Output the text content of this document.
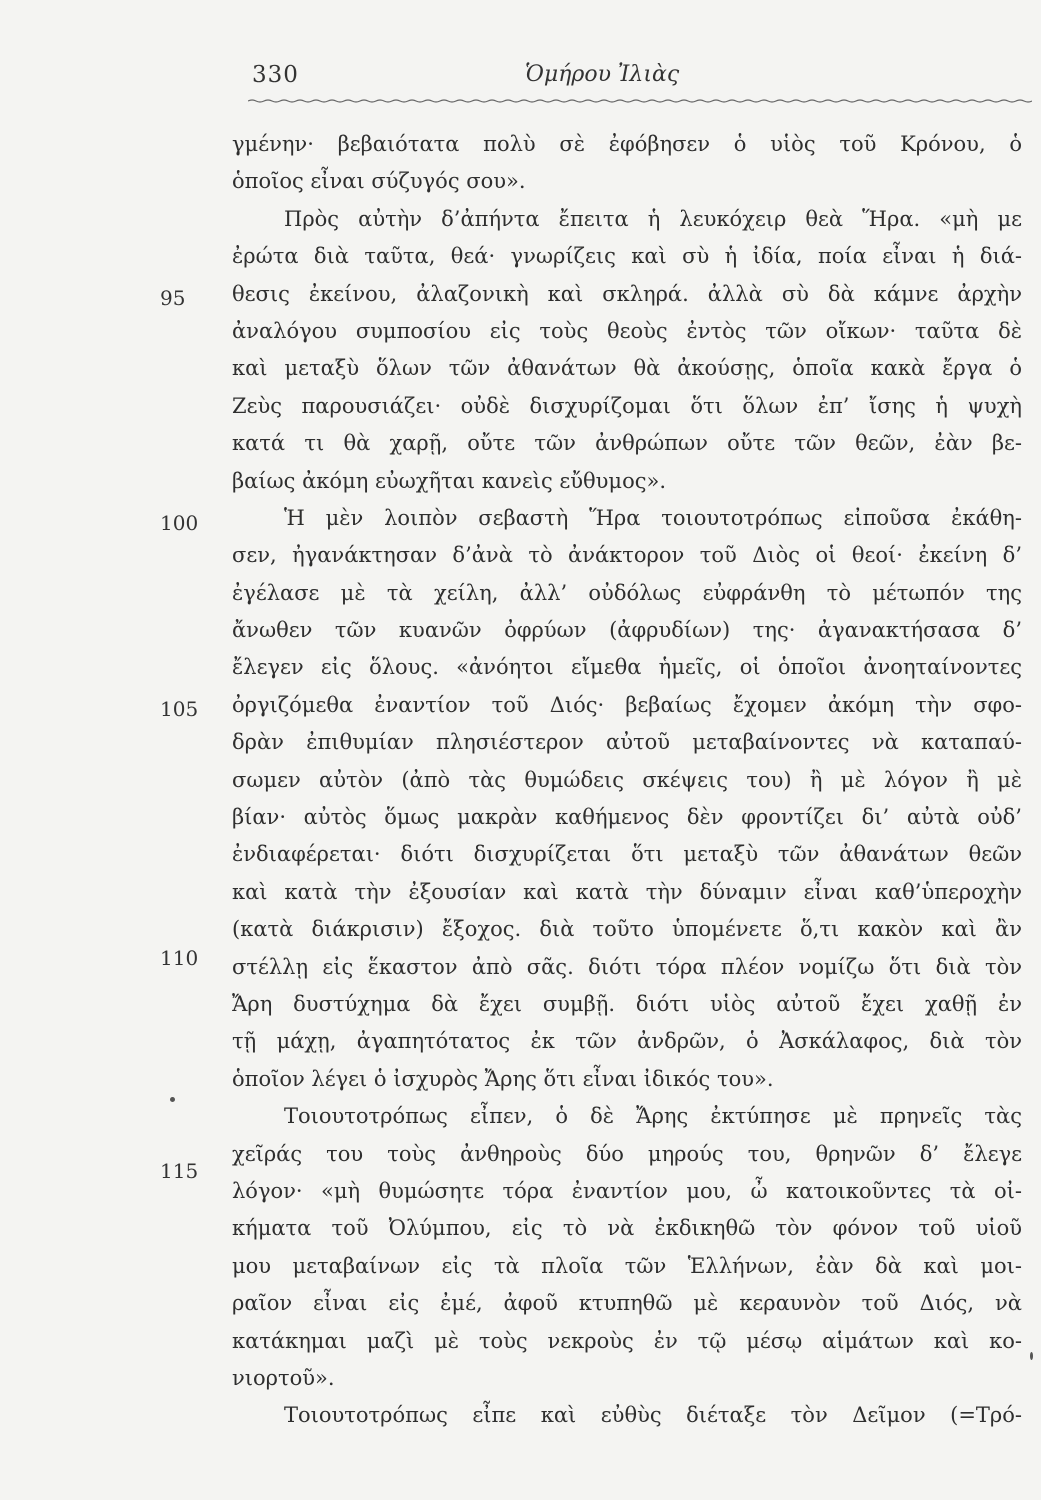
330	Ὁμήρου Ἰλιὰς
γμένην· βεβαιότατα πολὺ σὲ ἐφόβησεν ὁ υἱὸς τοῦ Κρόνου, ὁ
ὁποῖος εἶναι σύζυγός σου».
Πρὸς αὐτὴν δ’ἀπήντα ἔπειτα ἡ λευκόχειρ θεὰ Ἥρα. «μὴ με
ἐρώτα διὰ ταῦτα, θεά· γνωρίζεις καὶ σὺ ἡ ἰδία, ποία εἶναι ἡ διά-
θεσις ἐκείνου, ἀλαζονικὴ καὶ σκληρά. ἀλλὰ σὺ δὰ κάμνε ἀρχὴν
ἀναλόγου συμποσίου εἰς τοὺς θεοὺς ἐντὸς τῶν οἴκων· ταῦτα δὲ
καὶ μεταξὺ ὅλων τῶν ἀθανάτων θὰ ἀκούσῃς, ὁποῖα κακὰ ἔργα ὁ
Ζεὺς παρουσιάζει· οὐδὲ δισχυρίζομαι ὅτι ὅλων ἐπ’ ἴσης ἡ ψυχὴ
κατά τι θὰ χαρῇ, οὔτε τῶν ἀνθρώπων οὔτε τῶν θεῶν, ἐὰν βε-
βαίως ἀκόμη εὐωχῆται κανεὶς εὔθυμος».
Ἡ μὲν λοιπὸν σεβαστὴ Ἥρα τοιουτοτρόπως εἰποῦσα ἐκάθη-
σεν, ἠγανάκτησαν δ’ἀνὰ τὸ ἀνάκτορον τοῦ Διὸς οἱ θεοί· ἐκείνη δ’
ἐγέλασε μὲ τὰ χείλη, ἀλλ’ οὐδόλως εὐφράνθη τὸ μέτωπόν της
ἄνωθεν τῶν κυανῶν ὀφρύων (ἀφρυδίων) της· ἀγανακτήσασα δ’
ἔλεγεν εἰς ὅλους. «ἀνόητοι εἴμεθα ἡμεῖς, οἱ ὁποῖοι ἀνοηταίνοντες
ὀργιζόμεθα ἐναντίον τοῦ Διός· βεβαίως ἔχομεν ἀκόμη τὴν σφο-
δρὰν ἐπιθυμίαν πλησιέστερον αὐτοῦ μεταβαίνοντες νὰ καταπαύ-
σωμεν αὐτὸν (ἀπὸ τὰς θυμώδεις σκέψεις του) ἢ μὲ λόγον ἢ μὲ
βίαν· αὐτὸς ὅμως μακρὰν καθήμενος δὲν φροντίζει δι’ αὐτὰ οὐδ’
ἐνδιαφέρεται· διότι δισχυρίζεται ὅτι μεταξὺ τῶν ἀθανάτων θεῶν
καὶ κατὰ τὴν ἐξουσίαν καὶ κατὰ τὴν δύναμιν εἶναι καθ’ὑπεροχὴν
(κατὰ διάκρισιν) ἔξοχος. διὰ τοῦτο ὑπομένετε ὅ,τι κακὸν καὶ ἂν
στέλλῃ εἰς ἕκαστον ἀπὸ σᾶς. διότι τόρα πλέον νομίζω ὅτι διὰ τὸν
Ἄρη δυστύχημα δὰ ἔχει συμβῇ. διότι υἱὸς αὐτοῦ ἔχει χαθῇ ἐν
τῇ μάχῃ, ἀγαπητότατος ἐκ τῶν ἀνδρῶν, ὁ Ἀσκάλαφος, διὰ τὸν
ὁποῖον λέγει ὁ ἰσχυρὸς Ἄρης ὅτι εἶναι ἰδικός του».
Τοιουτοτρόπως εἶπεν, ὁ δὲ Ἄρης ἐκτύπησε μὲ πρηνεῖς τὰς
χεῖράς του τοὺς ἀνθηροὺς δύο μηρούς του, θρηνῶν δ’ ἔλεγε
λόγον· «μὴ θυμώσητε τόρα ἐναντίον μου, ὦ κατοικοῦντες τὰ οἰ-
κήματα τοῦ Ὀλύμπου, εἰς τὸ νὰ ἐκδικηθῶ τὸν φόνον τοῦ υἱοῦ
μου μεταβαίνων εἰς τὰ πλοῖα τῶν Ἑλλήνων, ἐὰν δὰ καὶ μοι-
ραῖον εἶναι εἰς ἐμέ, ἀφοῦ κτυπηθῶ μὲ κεραυνὸν τοῦ Διός, νὰ
κατάκημαι μαζὶ μὲ τοὺς νεκροὺς ἐν τῷ μέσῳ αἱμάτων καὶ κο-
νιορτοῦ».
Τοιουτοτρόπως εἶπε καὶ εὐθὺς διέταξε τὸν Δεῖμον (=Τρό-
95
100
105
110
115
